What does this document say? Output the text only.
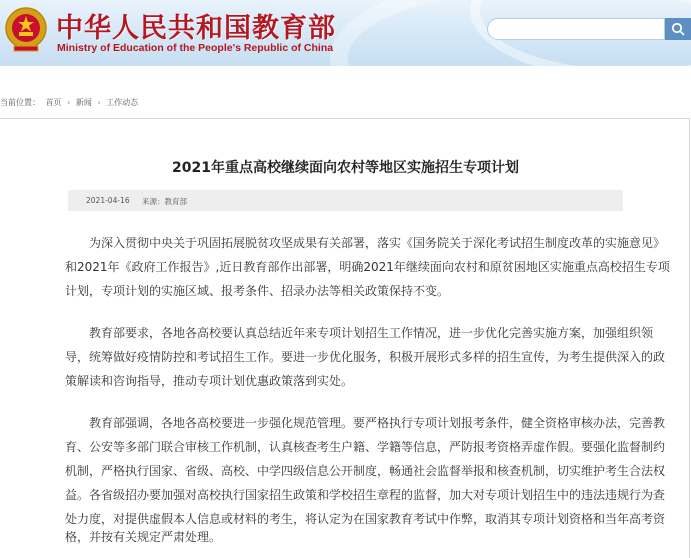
中华人民共和国教育部
Ministry of Education of the People's Republic of China
当前位置： 首页 › 新闻 › 工作动态
2021年重点高校继续面向农村等地区实施招生专项计划
2021-04-16 来源：教育部
为深入贯彻中央关于巩固拓展脱贫攻坚成果有关部署，落实《国务院关于深化考试招生制度改革的实施意见》
和2021年《政府工作报告》,近日教育部作出部署，明确2021年继续面向农村和原贫困地区实施重点高校招生专项
计划，专项计划的实施区域、报考条件、招录办法等相关政策保持不变。
教育部要求，各地各高校要认真总结近年来专项计划招生工作情况，进一步优化完善实施方案，加强组织领
导，统筹做好疫情防控和考试招生工作。要进一步优化服务，积极开展形式多样的招生宣传，为考生提供深入的政
策解读和咨询指导，推动专项计划优惠政策落到实处。
教育部强调，各地各高校要进一步强化规范管理。要严格执行专项计划报考条件，健全资格审核办法，完善教
育、公安等多部门联合审核工作机制，认真核查考生户籍、学籍等信息，严防报考资格弄虚作假。要强化监督制约
机制，严格执行国家、省级、高校、中学四级信息公开制度，畅通社会监督举报和核查机制，切实维护考生合法权
益。各省级招办要加强对高校执行国家招生政策和学校招生章程的监督，加大对专项计划招生中的违法违规行为查
处力度，对提供虚假本人信息或材料的考生，将认定为在国家教育考试中作弊，取消其专项计划资格和当年高考资
格，并按有关规定严肃处理。
